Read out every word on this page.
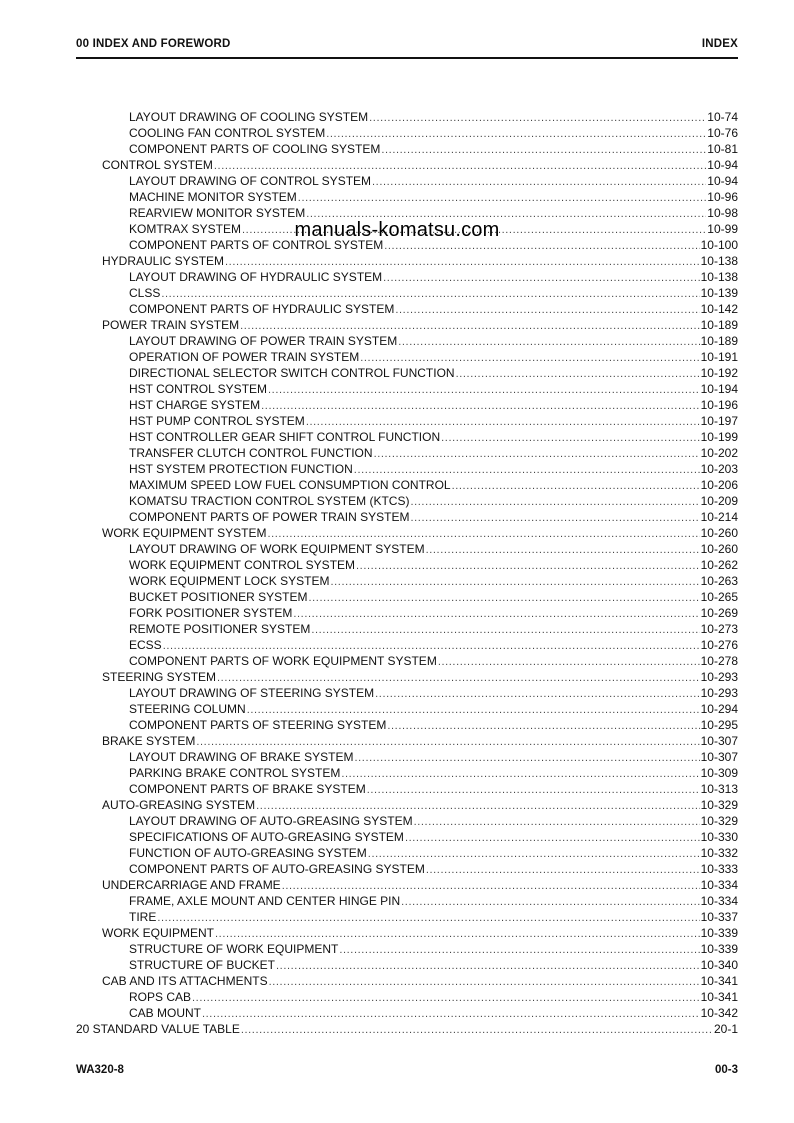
00 INDEX AND FOREWORD	INDEX
LAYOUT DRAWING OF COOLING SYSTEM .....	10-74
COOLING FAN CONTROL SYSTEM .....	10-76
COMPONENT PARTS OF COOLING SYSTEM .....	10-81
CONTROL SYSTEM .....	10-94
LAYOUT DRAWING OF CONTROL SYSTEM .....	10-94
MACHINE MONITOR SYSTEM .....	10-96
REARVIEW MONITOR SYSTEM .....	10-98
KOMTRAX SYSTEM .....	10-99
COMPONENT PARTS OF CONTROL SYSTEM .....	10-100
HYDRAULIC SYSTEM .....	10-138
LAYOUT DRAWING OF HYDRAULIC SYSTEM .....	10-138
CLSS .....	10-139
COMPONENT PARTS OF HYDRAULIC SYSTEM .....	10-142
POWER TRAIN SYSTEM .....	10-189
LAYOUT DRAWING OF POWER TRAIN SYSTEM .....	10-189
OPERATION OF POWER TRAIN SYSTEM .....	10-191
DIRECTIONAL SELECTOR SWITCH CONTROL FUNCTION .....	10-192
HST CONTROL SYSTEM .....	10-194
HST CHARGE SYSTEM .....	10-196
HST PUMP CONTROL SYSTEM .....	10-197
HST CONTROLLER GEAR SHIFT CONTROL FUNCTION .....	10-199
TRANSFER CLUTCH CONTROL FUNCTION .....	10-202
HST SYSTEM PROTECTION FUNCTION .....	10-203
MAXIMUM SPEED LOW FUEL CONSUMPTION CONTROL .....	10-206
KOMATSU TRACTION CONTROL SYSTEM (KTCS) .....	10-209
COMPONENT PARTS OF POWER TRAIN SYSTEM .....	10-214
WORK EQUIPMENT SYSTEM .....	10-260
LAYOUT DRAWING OF WORK EQUIPMENT SYSTEM .....	10-260
WORK EQUIPMENT CONTROL SYSTEM .....	10-262
WORK EQUIPMENT LOCK SYSTEM .....	10-263
BUCKET POSITIONER SYSTEM .....	10-265
FORK POSITIONER SYSTEM .....	10-269
REMOTE POSITIONER SYSTEM .....	10-273
ECSS .....	10-276
COMPONENT PARTS OF WORK EQUIPMENT SYSTEM .....	10-278
STEERING SYSTEM .....	10-293
LAYOUT DRAWING OF STEERING SYSTEM .....	10-293
STEERING COLUMN .....	10-294
COMPONENT PARTS OF STEERING SYSTEM .....	10-295
BRAKE SYSTEM .....	10-307
LAYOUT DRAWING OF BRAKE SYSTEM .....	10-307
PARKING BRAKE CONTROL SYSTEM .....	10-309
COMPONENT PARTS OF BRAKE SYSTEM .....	10-313
AUTO-GREASING SYSTEM .....	10-329
LAYOUT DRAWING OF AUTO-GREASING SYSTEM .....	10-329
SPECIFICATIONS OF AUTO-GREASING SYSTEM .....	10-330
FUNCTION OF AUTO-GREASING SYSTEM .....	10-332
COMPONENT PARTS OF AUTO-GREASING SYSTEM .....	10-333
UNDERCARRIAGE AND FRAME .....	10-334
FRAME, AXLE MOUNT AND CENTER HINGE PIN .....	10-334
TIRE .....	10-337
WORK EQUIPMENT .....	10-339
STRUCTURE OF WORK EQUIPMENT .....	10-339
STRUCTURE OF BUCKET .....	10-340
CAB AND ITS ATTACHMENTS .....	10-341
ROPS CAB .....	10-341
CAB MOUNT .....	10-342
20 STANDARD VALUE TABLE .....	20-1
manuals-komatsu.com
WA320-8	00-3
